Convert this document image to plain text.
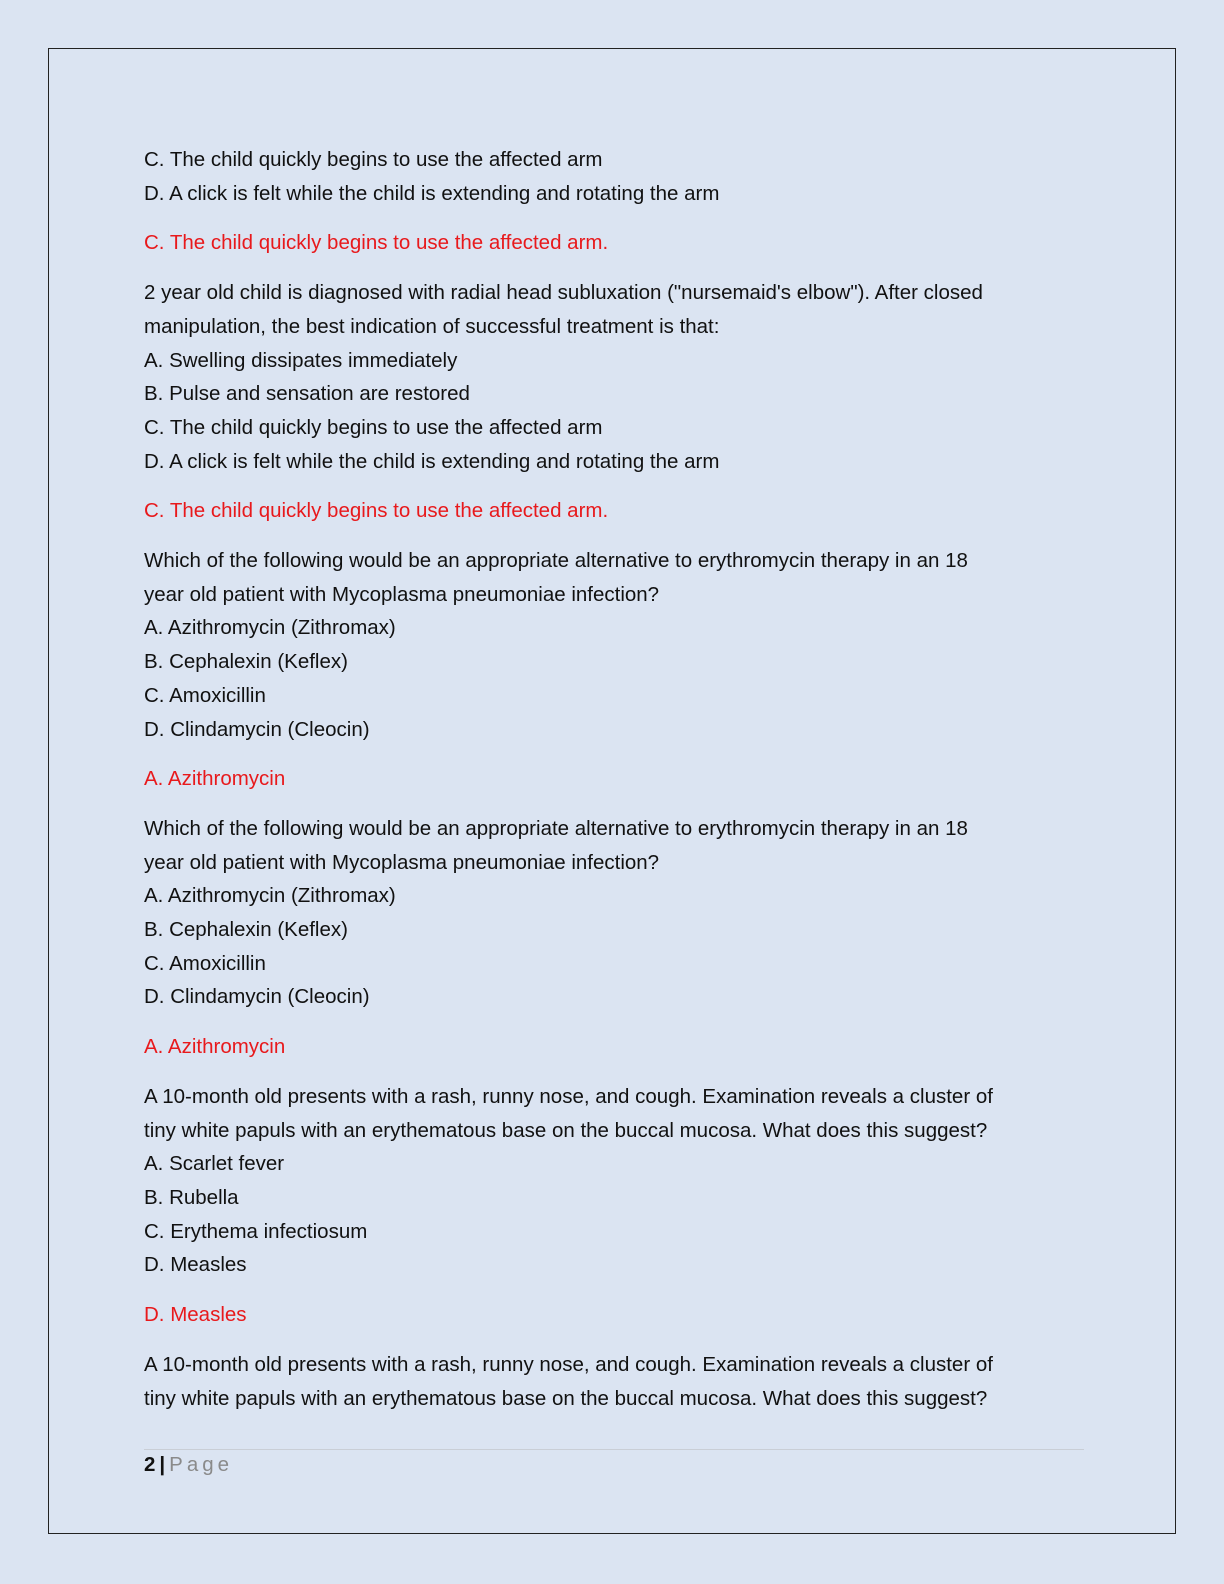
C. The child quickly begins to use the affected arm
D. A click is felt while the child is extending and rotating the arm
C. The child quickly begins to use the affected arm.
2 year old child is diagnosed with radial head subluxation ("nursemaid's elbow"). After closed
manipulation, the best indication of successful treatment is that:
A. Swelling dissipates immediately
B. Pulse and sensation are restored
C. The child quickly begins to use the affected arm
D. A click is felt while the child is extending and rotating the arm
C. The child quickly begins to use the affected arm.
Which of the following would be an appropriate alternative to erythromycin therapy in an 18
year old patient with Mycoplasma pneumoniae infection?
A. Azithromycin (Zithromax)
B. Cephalexin (Keflex)
C. Amoxicillin
D. Clindamycin (Cleocin)
A. Azithromycin
Which of the following would be an appropriate alternative to erythromycin therapy in an 18
year old patient with Mycoplasma pneumoniae infection?
A. Azithromycin (Zithromax)
B. Cephalexin (Keflex)
C. Amoxicillin
D. Clindamycin (Cleocin)
A. Azithromycin
A 10-month old presents with a rash, runny nose, and cough. Examination reveals a cluster of
tiny white papuls with an erythematous base on the buccal mucosa. What does this suggest?
A. Scarlet fever
B. Rubella
C. Erythema infectiosum
D. Measles
D. Measles
A 10-month old presents with a rash, runny nose, and cough. Examination reveals a cluster of
tiny white papuls with an erythematous base on the buccal mucosa. What does this suggest?
2 | Page
